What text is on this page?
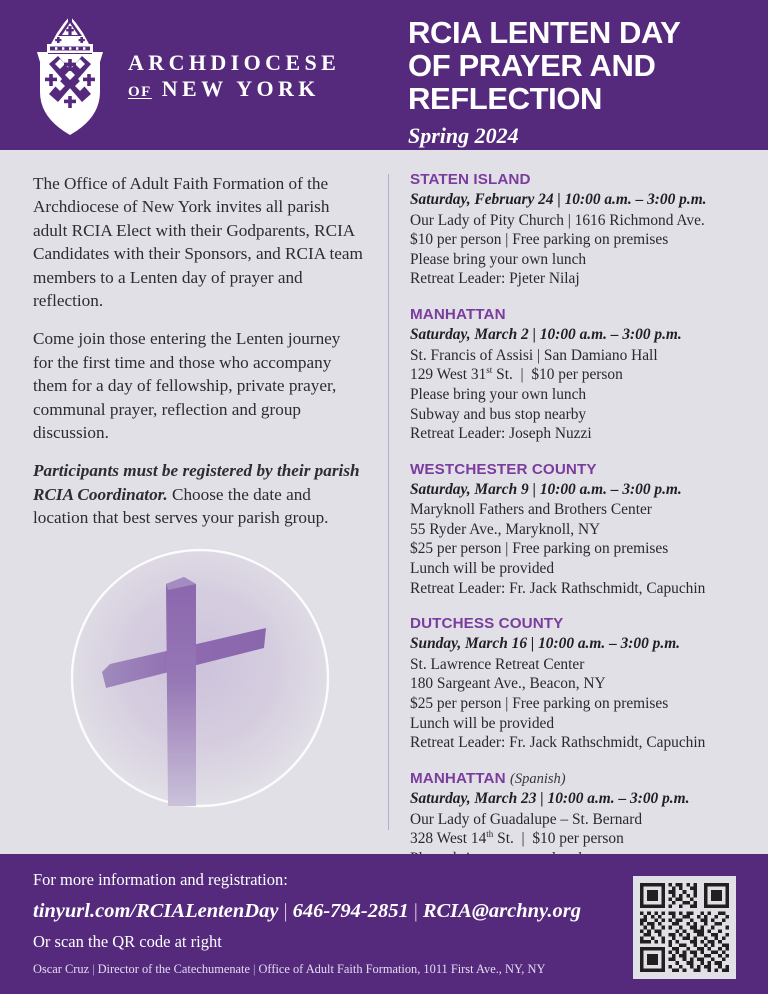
ARCHDIOCESE
OF NEW YORK
RCIA LENTEN DAY
OF PRAYER AND
REFLECTION
Spring 2024

The Office of Adult Faith Formation of the Archdiocese of New York invites all parish adult RCIA Elect with their Godparents, RCIA Candidates with their Sponsors, and RCIA team members to a Lenten day of prayer and reflection.

Come join those entering the Lenten journey for the first time and those who accompany them for a day of fellowship, private prayer, communal prayer, reflection and group discussion.

Participants must be registered by their parish RCIA Coordinator. Choose the date and location that best serves your parish group.

STATEN ISLAND

Saturday, February 24 | 10:00 a.m. – 3:00 p.m.

Our Lady of Pity Church | 1616 Richmond Ave.

$10 per person | Free parking on premises

Please bring your own lunch

Retreat Leader: Pjeter Nilaj

MANHATTAN

Saturday, March 2 | 10:00 a.m. – 3:00 p.m.

St. Francis of Assisi | San Damiano Hall

129 West 31st St.  |  $10 per person

Please bring your own lunch

Subway and bus stop nearby

Retreat Leader: Joseph Nuzzi

WESTCHESTER COUNTY

Saturday, March 9 | 10:00 a.m. – 3:00 p.m.

Maryknoll Fathers and Brothers Center

55 Ryder Ave., Maryknoll, NY

$25 per person | Free parking on premises

Lunch will be provided

Retreat Leader: Fr. Jack Rathschmidt, Capuchin

DUTCHESS COUNTY

Sunday, March 16 | 10:00 a.m. – 3:00 p.m.

St. Lawrence Retreat Center

180 Sargeant Ave., Beacon, NY

$25 per person | Free parking on premises

Lunch will be provided

Retreat Leader: Fr. Jack Rathschmidt, Capuchin

MANHATTAN (Spanish)

Saturday, March 23 | 10:00 a.m. – 3:00 p.m.

Our Lady of Guadalupe – St. Bernard

328 West 14th St.  |  $10 per person

For more information and registration:

tinyurl.com/RCIALentenDay | 646-794-2851 | RCIA@archny.org

Or scan the QR code at right

Oscar Cruz | Director of the Catechumenate | Office of Adult Faith Formation, 1011 First Ave., NY, NY
